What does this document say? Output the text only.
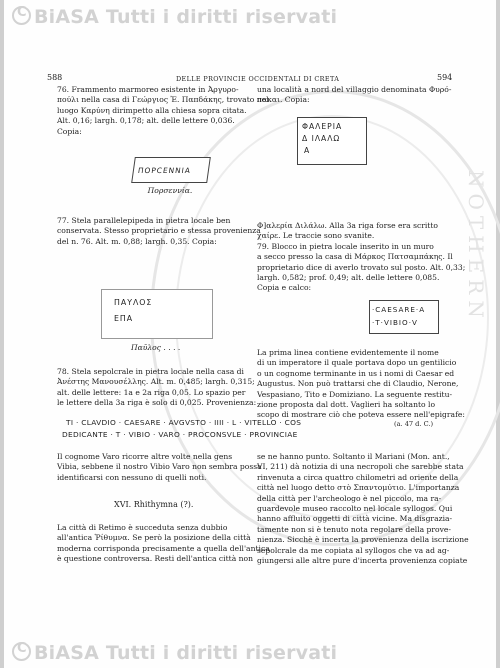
NOTHERN
CBiASA Tutti i diritti riservati
CBiASA Tutti i diritti riservati
588	DELLE PROVINCIE OCCIDENTALI DI CRETA	594
76. Frammento marmoreo esistente in Ἀργυρο-
πούλι nella casa di Γεώργιος Ἐ. Παπδάκης, trovato nel
luogo Καρύνη dirimpetto alla chiesa sopra citata.
Alt. 0,16; largh. 0,178; alt. delle lettere 0,036.
Copia:
ΠΟΡCΕΝΝΙΑ
Πορσεννία.
una località a nord del villaggio denominata Φυρό-
πακαι. Copia:
ΦΑΛΕΡΙΑ
Δ ΙΛΑΛΩ
Α
77. Stela parallelepipeda in pietra locale ben
conservata. Stesso proprietario e stessa provenienza
del n. 76. Alt. m. 0,88; largh. 0,35. Copia:
ΠΑΥΛΟΣ
ΕΠΑ
Παῦλος . . . .
Φ]αλερία Διλάλω. Alla 3a riga forse era scritto
χαίρε. Le traccie sono svanite.
79. Blocco in pietra locale inserito in un muro
a secco presso la casa di Μάρκος Πατσαμπάκης. Il
proprietario dice di averlo trovato sul posto. Alt. 0,33;
largh. 0,582; prof. 0,49; alt. delle lettere 0,085.
Copia e calco:
·CAESARE·A
·T·VIBIO·V
78. Stela sepolcrale in pietra locale nella casa di
Ἀνέστης Μανουσέλλης. Alt. m. 0,485; largh. 0,315;
alt. delle lettere: 1a e 2a riga 0,05. Lo spazio per
le lettere della 3a riga è solo di 0,025. Provenienza:
La prima linea contiene evidentemente il nome
di un imperatore il quale portava dopo un gentilicio
o un cognome terminante in us i nomi di Caesar ed
Augustus. Non può trattarsi che di Claudio, Nerone,
Vespasiano, Tito e Domiziano. La seguente restitu-
zione proposta dal dott. Vaglieri ha soltanto lo
scopo di mostrare ciò che poteva essere nell'epigrafe:
TI · CLAVDIO · CAESARE · AVGVSTO · IIII · L · VITELLO · COS	(a. 47 d. C.)
DEDICANTE · T · VIBIO · VARO · PROCONSVLE · PROVINCIAE
Il cognome Varo ricorre altre volte nella gens
Vibia, sebbene il nostro Vibio Varo non sembra possa
identificarsi con nessuno di quelli noti.
XVI. Rhithymna (?).
La città di Retimo è succeduta senza dubbio
all'antica Ῥίθυμνα. Se però la posizione della città
moderna corrisponda precisamente a quella dell'antica
è questione controversa. Resti dell'antica città non
se ne hanno punto. Soltanto il Mariani (Mon. ant.,
VI, 211) dà notizia di una necropoli che sarebbe stata
rinvenuta a circa quattro chilometri ad oriente della
città nel luogo detto στὸ Σπαντομύτιο. L'importanza
della città per l'archeologo è nel piccolo, ma ra-
guardevole museo raccolto nel locale syllogos. Qui
hanno affluito oggetti di città vicine. Ma disgrazia-
tamente non si è tenuto nota regolare della prove-
nienza. Sicchè è incerta la provenienza della iscrizione
sepolcrale da me copiata al syllogos che va ad ag-
giungersi alle altre pure d'incerta provenienza copiate
